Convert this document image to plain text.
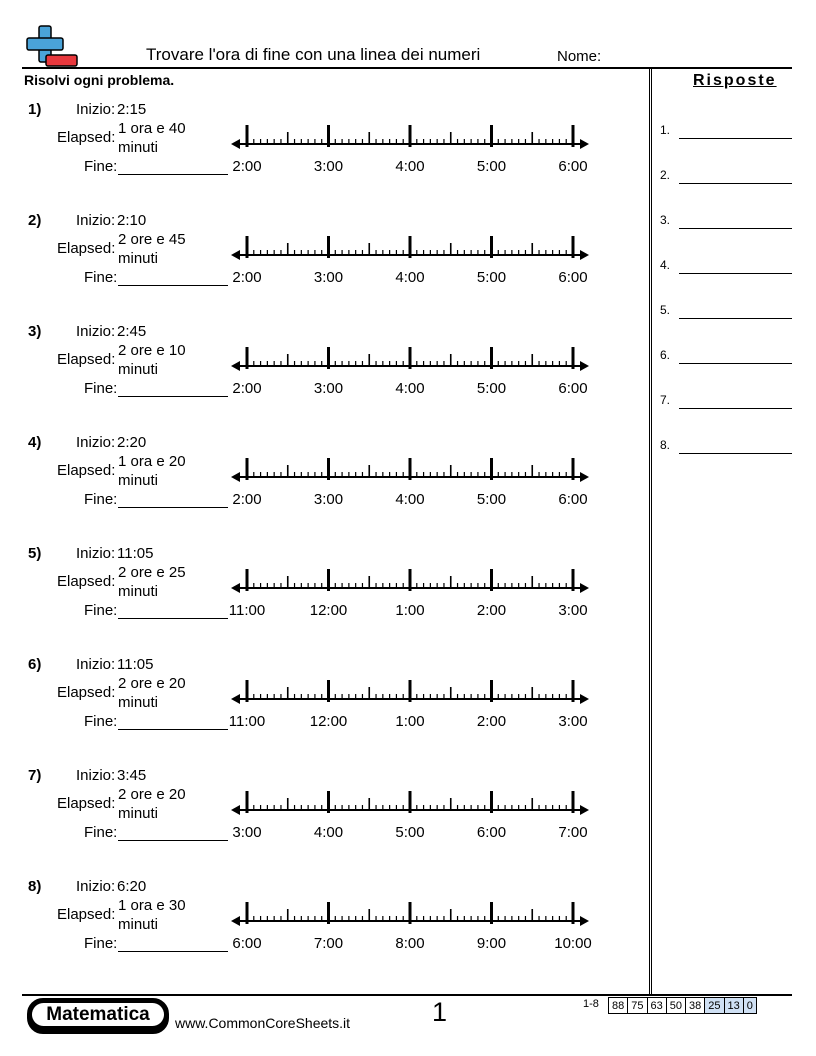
Trovare l'ora di fine con una linea dei numeri	Nome:
Risolvi ogni problema.	Risposte
1.
2.
3.
4.
5.
6.
7.
8.
1) Inizio: 2:15
Elapsed:
1 ora e 40
minuti
Fine:	2:00	3:00	4:00	5:00	6:00
2) Inizio: 2:10
Elapsed:
2 ore e 45
minuti
Fine:	2:00	3:00	4:00	5:00	6:00
3) Inizio: 2:45
Elapsed:
2 ore e 10
minuti
Fine:	2:00	3:00	4:00	5:00	6:00
4) Inizio: 2:20
Elapsed:
1 ora e 20
minuti
Fine:	2:00	3:00	4:00	5:00	6:00
5) Inizio: 11:05
Elapsed:
2 ore e 25
minuti
Fine:	11:00	12:00	1:00	2:00	3:00
6) Inizio: 11:05
Elapsed:
2 ore e 20
minuti
Fine:	11:00	12:00	1:00	2:00	3:00
7) Inizio: 3:45
Elapsed:
2 ore e 20
minuti
Fine:	3:00	4:00	5:00	6:00	7:00
8) Inizio: 6:20
Elapsed:
1 ora e 30
minuti
Fine:	6:00	7:00	8:00	9:00	10:00
Matematica	www.CommonCoreSheets.it	1	1-8 88	75	63	50	38	25	13	0
